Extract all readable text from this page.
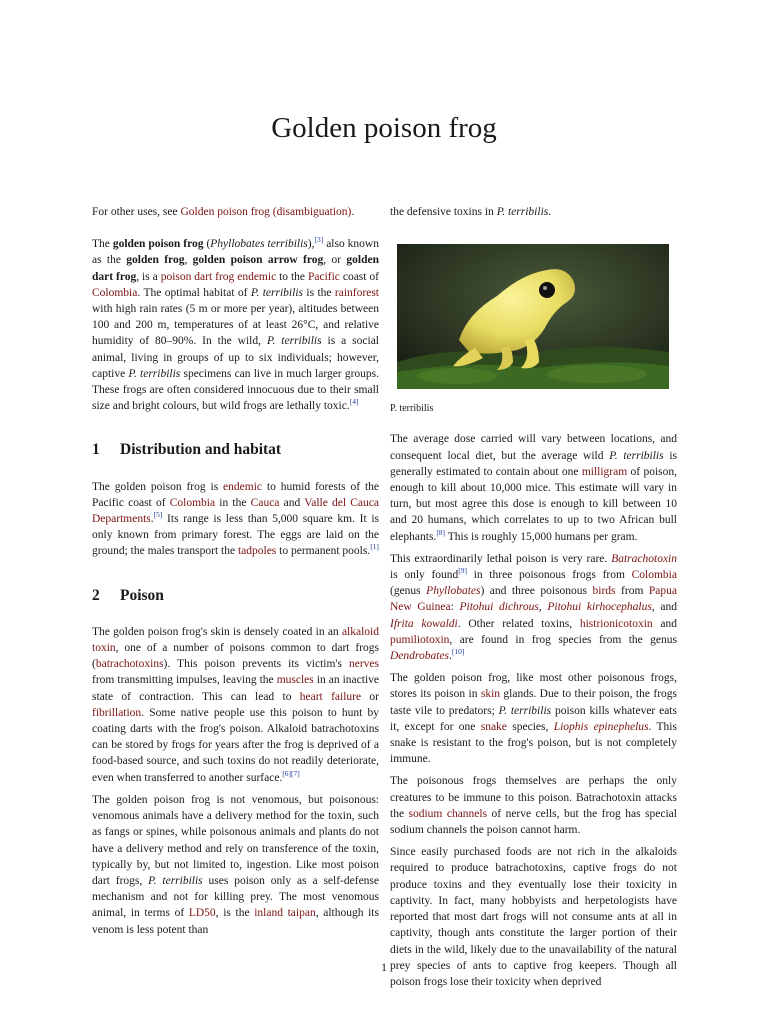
Golden poison frog

For other uses, see Golden poison frog (disambiguation).

The golden poison frog (Phyllobates terribilis),[3] also known as the golden frog, golden poison arrow frog, or golden dart frog, is a poison dart frog endemic to the Pacific coast of Colombia. The optimal habitat of P. terribilis is the rainforest with high rain rates (5 m or more per year), altitudes between 100 and 200 m, temperatures of at least 26°C, and relative humidity of 80–90%. In the wild, P. terribilis is a social animal, living in groups of up to six individuals; however, captive P. terribilis specimens can live in much larger groups. These frogs are often considered innocuous due to their small size and bright colours, but wild frogs are lethally toxic.[4]

1 Distribution and habitat

The golden poison frog is endemic to humid forests of the Pacific coast of Colombia in the Cauca and Valle del Cauca Departments.[5] Its range is less than 5,000 square km. It is only known from primary forest. The eggs are laid on the ground; the males transport the tadpoles to permanent pools.[1]

2 Poison

The golden poison frog's skin is densely coated in an alkaloid toxin, one of a number of poisons common to dart frogs (batrachotoxins). This poison prevents its victim's nerves from transmitting impulses, leaving the muscles in an inactive state of contraction. This can lead to heart failure or fibrillation. Some native people use this poison to hunt by coating darts with the frog's poison. Alkaloid batrachotoxins can be stored by frogs for years after the frog is deprived of a food-based source, and such toxins do not readily deteriorate, even when transferred to another surface.[6][7]

The golden poison frog is not venomous, but poisonous: venomous animals have a delivery method for the toxin, such as fangs or spines, while poisonous animals and plants do not have a delivery method and rely on transference of the toxin, typically by, but not limited to, ingestion. Like most poison dart frogs, P. terribilis uses poison only as a self-defense mechanism and not for killing prey. The most venomous animal, in terms of LD50, is the inland taipan, although its venom is less potent than

the defensive toxins in P. terribilis.

P. terribilis

The average dose carried will vary between locations, and consequent local diet, but the average wild P. terribilis is generally estimated to contain about one milligram of poison, enough to kill about 10,000 mice. This estimate will vary in turn, but most agree this dose is enough to kill between 10 and 20 humans, which correlates to up to two African bull elephants.[8] This is roughly 15,000 humans per gram.

This extraordinarily lethal poison is very rare. Batrachotoxin is only found[9] in three poisonous frogs from Colombia (genus Phyllobates) and three poisonous birds from Papua New Guinea: Pitohui dichrous, Pitohui kirhocephalus, and Ifrita kowaldi. Other related toxins, histrionicotoxin and pumiliotoxin, are found in frog species from the genus Dendrobates.[10]

The golden poison frog, like most other poisonous frogs, stores its poison in skin glands. Due to their poison, the frogs taste vile to predators; P. terribilis poison kills whatever eats it, except for one snake species, Liophis epinephelus. This snake is resistant to the frog's poison, but is not completely immune.

The poisonous frogs themselves are perhaps the only creatures to be immune to this poison. Batrachotoxin attacks the sodium channels of nerve cells, but the frog has special sodium channels the poison cannot harm.

Since easily purchased foods are not rich in the alkaloids required to produce batrachotoxins, captive frogs do not produce toxins and they eventually lose their toxicity in captivity. In fact, many hobbyists and herpetologists have reported that most dart frogs will not consume ants at all in captivity, though ants constitute the larger portion of their diets in the wild, likely due to the unavailability of the natural prey species of ants to captive frog keepers. Though all poison frogs lose their toxicity when deprived

1
